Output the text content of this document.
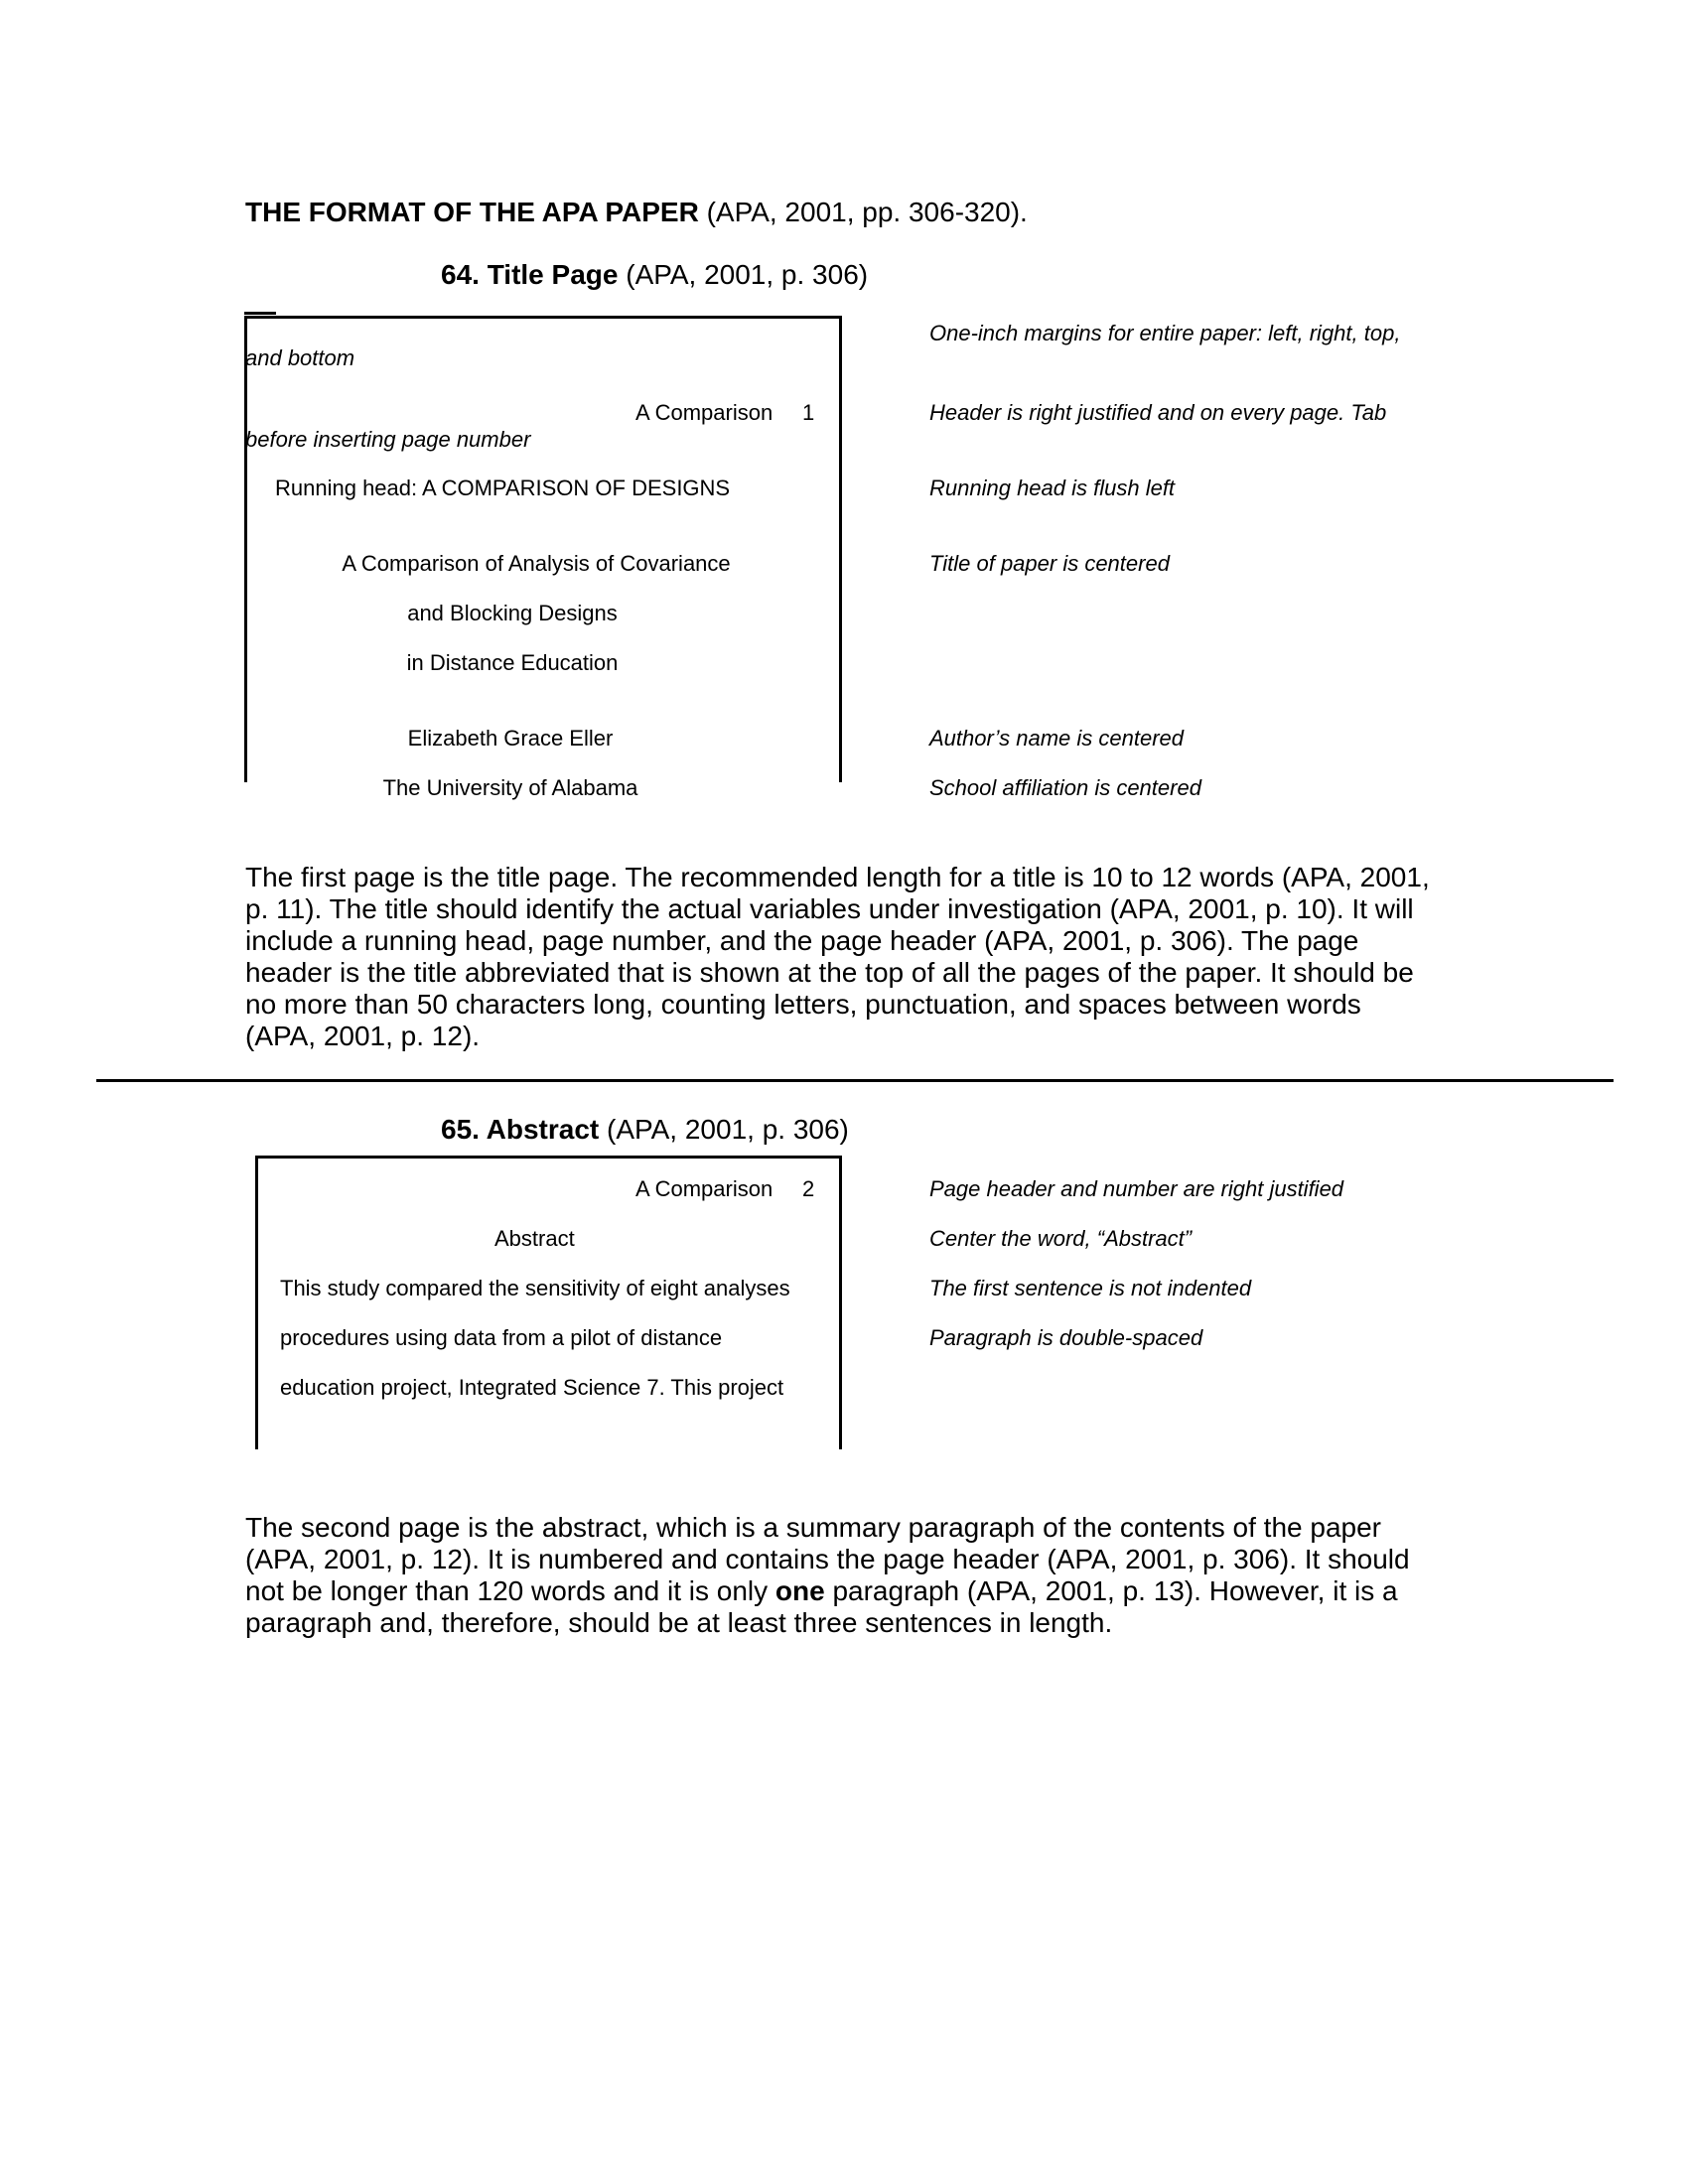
THE FORMAT OF THE APA PAPER (APA, 2001, pp. 306-320).
64. Title Page (APA, 2001, p. 306)
A Comparison 1
Running head: A COMPARISON OF DESIGNS
A Comparison of Analysis of Covariance
and Blocking Designs
in Distance Education
Elizabeth Grace Eller
The University of Alabama
One-inch margins for entire paper: left, right, top,
and bottom
Header is right justified and on every page. Tab
before inserting page number
Running head is flush left
Title of paper is centered
Author’s name is centered
School affiliation is centered
The first page is the title page. The recommended length for a title is 10 to 12 words (APA, 2001, p. 11). The title should identify the actual variables under investigation (APA, 2001, p. 10). It will include a running head, page number, and the page header (APA, 2001, p. 306). The page header is the title abbreviated that is shown at the top of all the pages of the paper. It should be no more than 50 characters long, counting letters, punctuation, and spaces between words (APA, 2001, p. 12).
65. Abstract (APA, 2001, p. 306)
A Comparison 2
Abstract
This study compared the sensitivity of eight analyses
procedures using data from a pilot of distance
education project, Integrated Science 7. This project
Page header and number are right justified
Center the word, “Abstract”
The first sentence is not indented
Paragraph is double-spaced
The second page is the abstract, which is a summary paragraph of the contents of the paper (APA, 2001, p. 12). It is numbered and contains the page header (APA, 2001, p. 306). It should not be longer than 120 words and it is only one paragraph (APA, 2001, p. 13). However, it is a paragraph and, therefore, should be at least three sentences in length.
